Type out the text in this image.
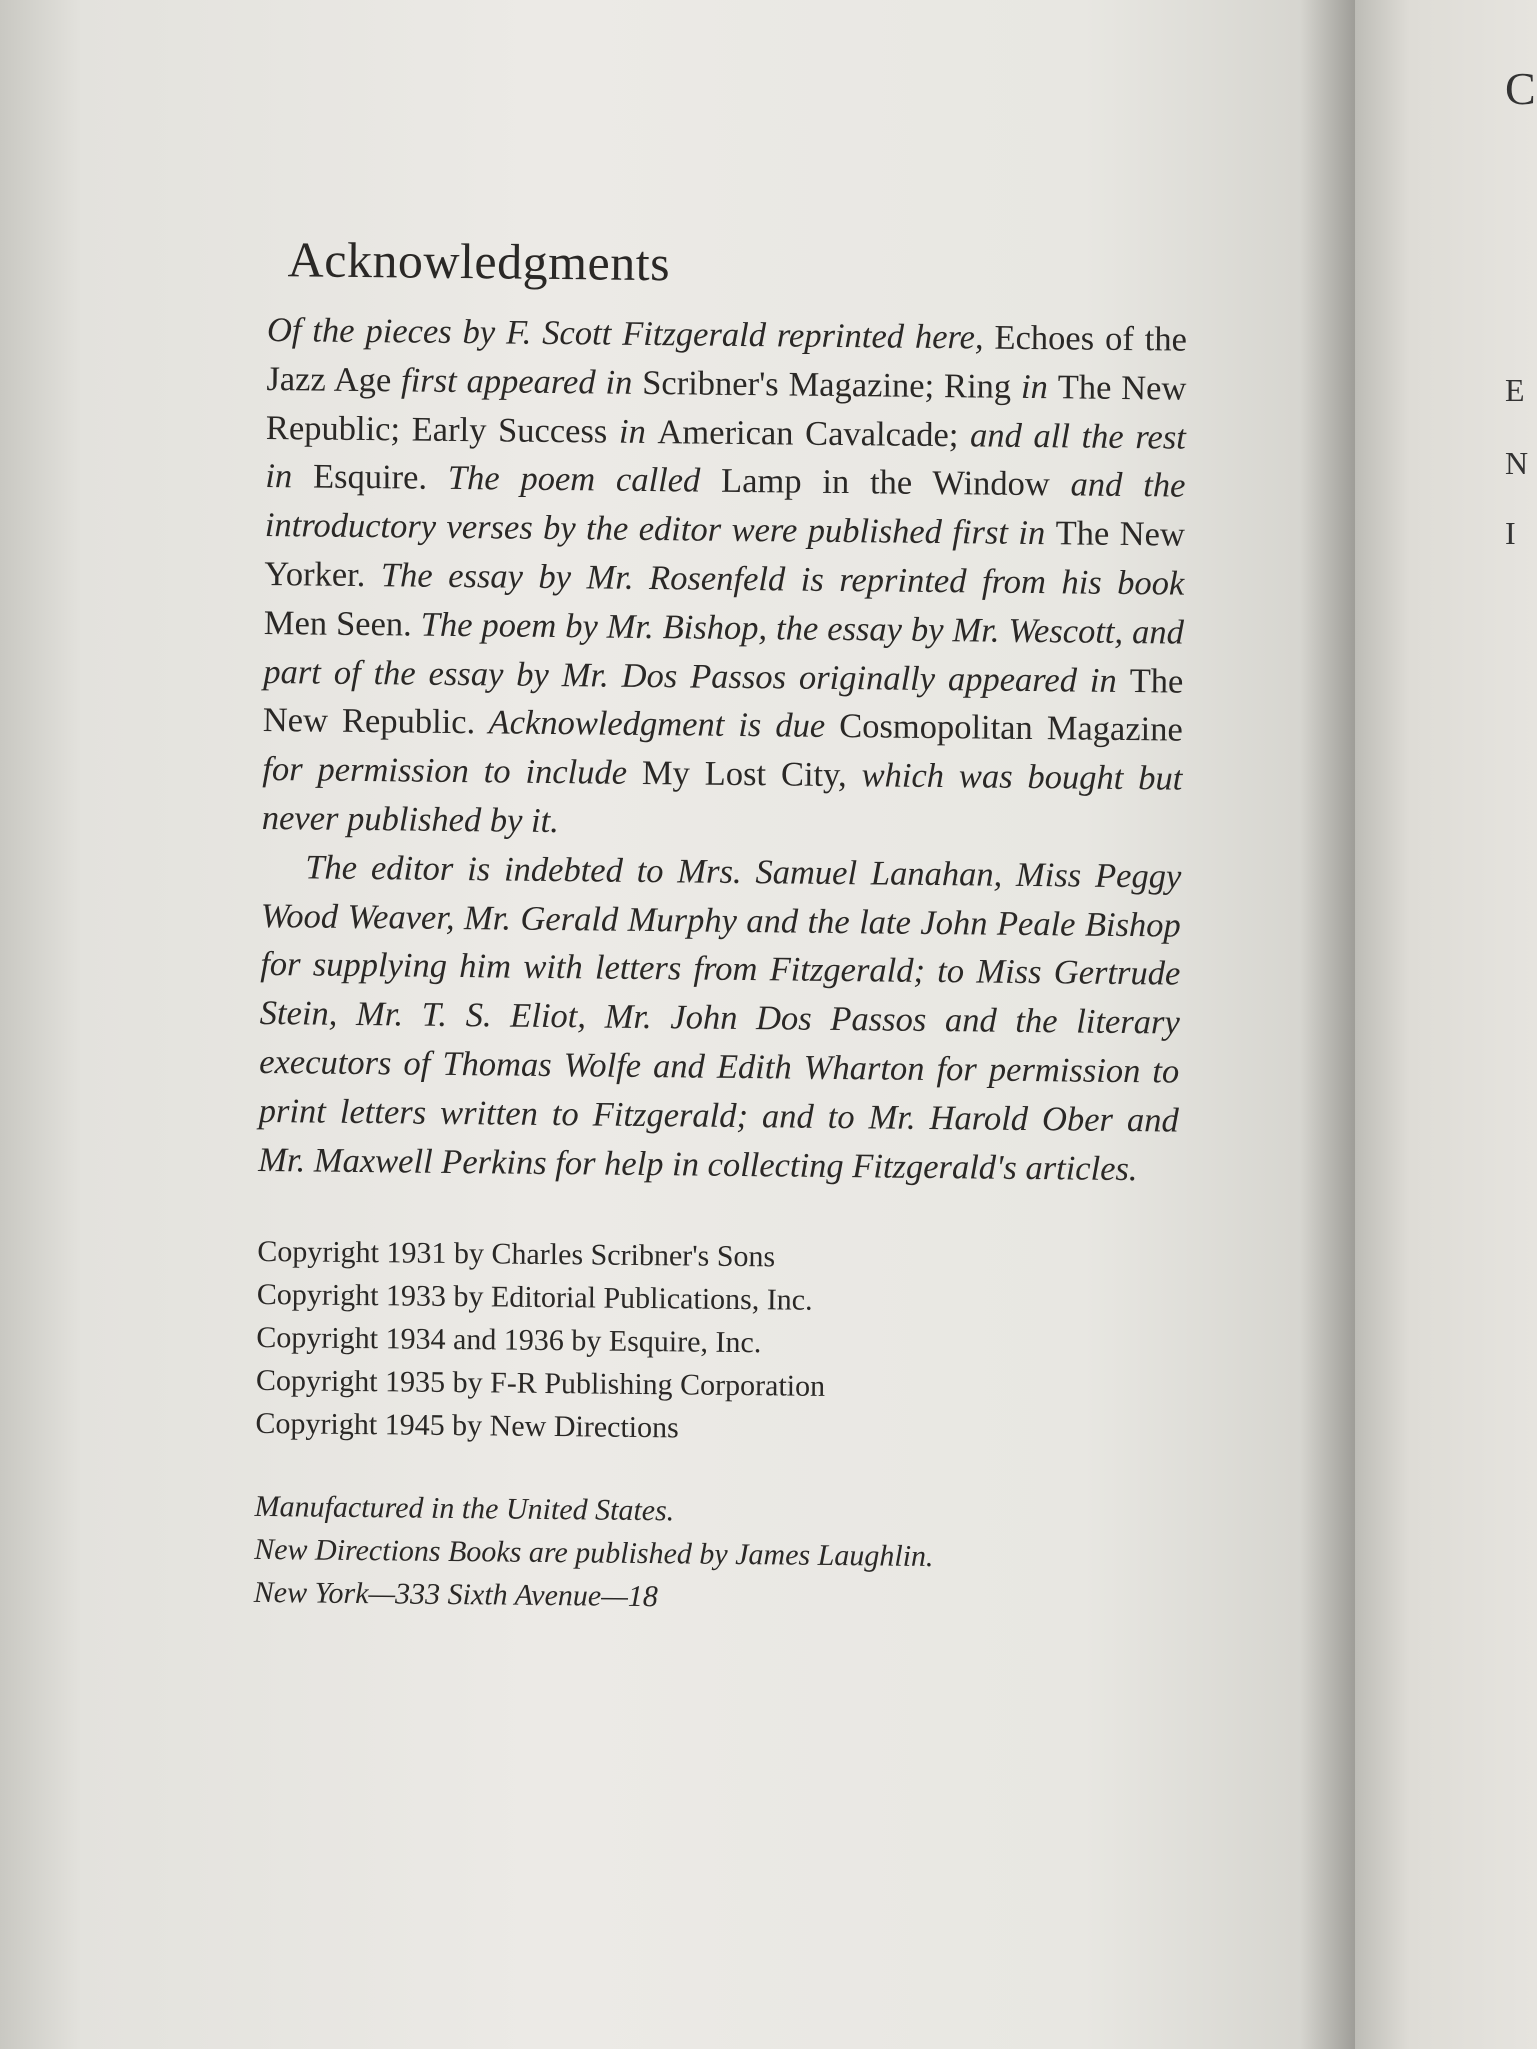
C
E
N
I
Acknowledgments

Of the pieces by F. Scott Fitzgerald reprinted here, Echoes of the Jazz Age first appeared in Scribner's Magazine; Ring in The New Republic; Early Success in American Cavalcade; and all the rest in Esquire. The poem called Lamp in the Window and the introductory verses by the editor were published first in The New Yorker. The essay by Mr. Rosenfeld is reprinted from his book Men Seen. The poem by Mr. Bishop, the essay by Mr. Wescott, and part of the essay by Mr. Dos Passos originally appeared in The New Republic. Acknowledgment is due Cosmopolitan Magazine for permission to include My Lost City, which was bought but never published by it.

The editor is indebted to Mrs. Samuel Lanahan, Miss Peggy Wood Weaver, Mr. Gerald Murphy and the late John Peale Bishop for supplying him with letters from Fitzgerald; to Miss Gertrude Stein, Mr. T. S. Eliot, Mr. John Dos Passos and the literary executors of Thomas Wolfe and Edith Wharton for permission to print letters written to Fitzgerald; and to Mr. Harold Ober and Mr. Maxwell Perkins for help in collecting Fitzgerald's articles.

Copyright 1931 by Charles Scribner's Sons
Copyright 1933 by Editorial Publications, Inc.
Copyright 1934 and 1936 by Esquire, Inc.
Copyright 1935 by F-R Publishing Corporation
Copyright 1945 by New Directions
Manufactured in the United States.
New Directions Books are published by James Laughlin.
New York—333 Sixth Avenue—18
